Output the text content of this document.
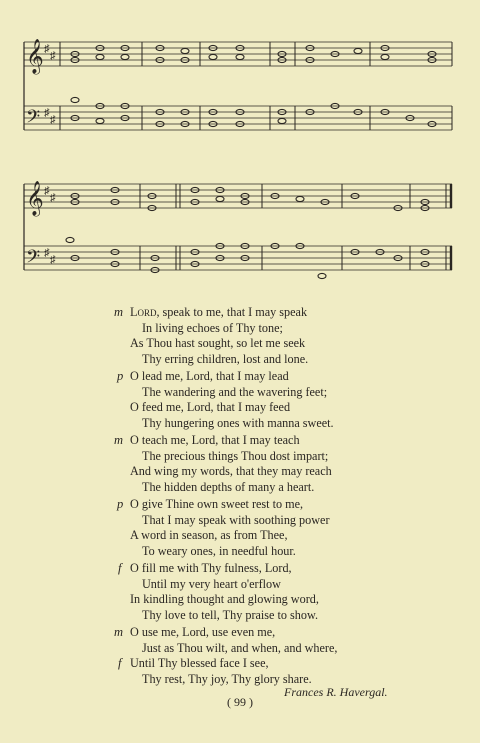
𝄞
𝄢
♯
♯
♯
♯
𝄞
𝄢
♯
♯
♯
♯
m Lord, speak to me, that I may speak
In living echoes of Thy tone;
As Thou hast sought, so let me seek
Thy erring children, lost and lone.
p O lead me, Lord, that I may lead
The wandering and the wavering feet;
O feed me, Lord, that I may feed
Thy hungering ones with manna sweet.
m O teach me, Lord, that I may teach
The precious things Thou dost impart;
And wing my words, that they may reach
The hidden depths of many a heart.
p O give Thine own sweet rest to me,
That I may speak with soothing power
A word in season, as from Thee,
To weary ones, in needful hour.
f O fill me with Thy fulness, Lord,
Until my very heart o'erflow
In kindling thought and glowing word,
Thy love to tell, Thy praise to show.
m O use me, Lord, use even me,
Just as Thou wilt, and when, and where,
f Until Thy blessed face I see,
Thy rest, Thy joy, Thy glory share.
Frances R. Havergal.
( 99 )
